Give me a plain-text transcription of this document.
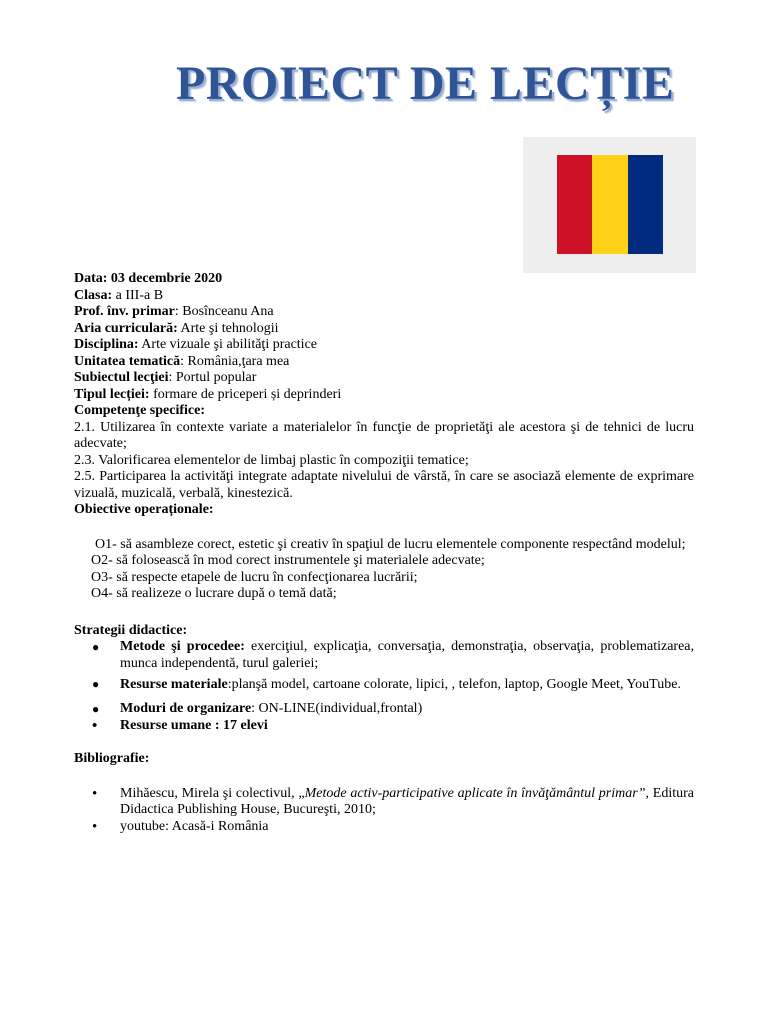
PROIECT DE LECȚIE
Data: 03 decembrie 2020
Clasa: a III-a B
Prof. înv. primar: Bosînceanu Ana
Aria curriculară: Arte şi tehnologii
Disciplina: Arte vizuale şi abilităţi practice
Unitatea tematică: România,ţara mea
Subiectul lecţiei: Portul popular
Tipul lecției: formare de priceperi și deprinderi
Competenţe specifice:
2.1. Utilizarea în contexte variate a materialelor în funcţie de proprietăţi ale acestora şi de tehnici de lucru adecvate;
2.3. Valorificarea elementelor de limbaj plastic în compoziţii tematice;
2.5. Participarea la activităţi integrate adaptate nivelului de vârstă, în care se asociază elemente de exprimare vizuală, muzicală, verbală, kinestezică.
Obiective operaționale:
O1- să asambleze corect, estetic şi creativ în spaţiul de lucru elementele componente respectând modelul;
O2- să folosească în mod corect instrumentele şi materialele adecvate;
O3- să respecte etapele de lucru în confecţionarea lucrării;
O4- să realizeze o lucrare după o temă dată;
Strategii didactice:
● Metode şi procedee: exerciţiul, explicaţia, conversaţia, demonstraţia, observaţia, problematizarea, munca independentă, turul galeriei;
● Resurse materiale:planşă model, cartoane colorate, lipici, , telefon, laptop, Google Meet, YouTube.
● Moduri de organizare: ON-LINE(individual,frontal)
• Resurse umane : 17 elevi
Bibliografie:
• Mihăescu, Mirela şi colectivul, „Metode activ-participative aplicate în învăţământul primar”, Editura Didactica Publishing House, Bucureşti, 2010;
• youtube: Acasă-i România
